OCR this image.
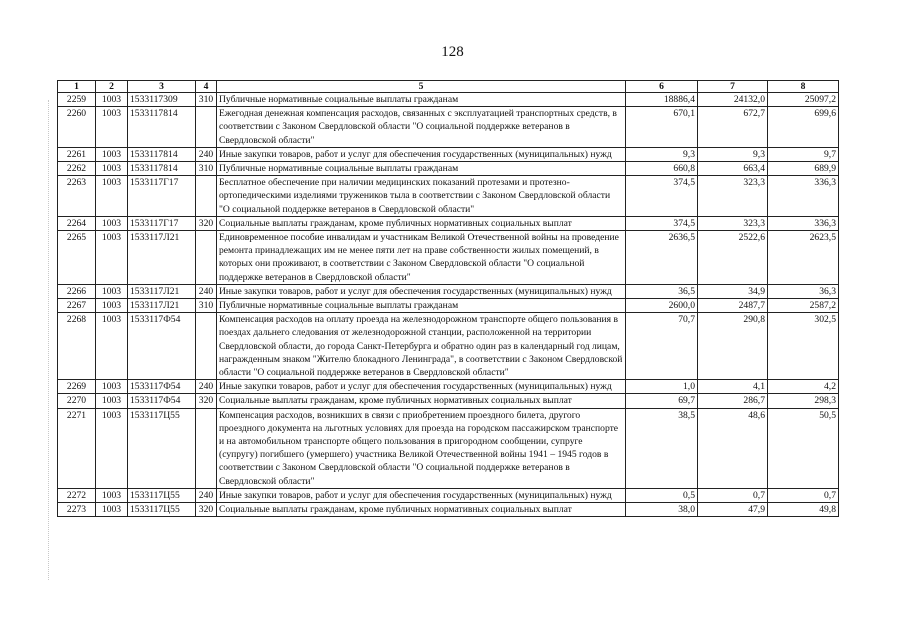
128
1	2	3	4	5	6	7	8
2259	1003	1533117309	310	Публичные нормативные социальные выплаты гражданам	18886,4	24132,0	25097,2
2260	1003	1533117814		Ежегодная денежная компенсация расходов, связанных с эксплуатацией транспортных средств, в соответствии с Законом Свердловской области "О социальной поддержке ветеранов в Свердловской области"	670,1	672,7	699,6
2261	1003	1533117814	240	Иные закупки товаров, работ и услуг для обеспечения государственных (муниципальных) нужд	9,3	9,3	9,7
2262	1003	1533117814	310	Публичные нормативные социальные выплаты гражданам	660,8	663,4	689,9
2263	1003	1533117Г17		Бесплатное обеспечение при наличии медицинских показаний протезами и протезно-ортопедическими изделиями тружеников тыла в соответствии с Законом Свердловской области "О социальной поддержке ветеранов в Свердловской области"	374,5	323,3	336,3
2264	1003	1533117Г17	320	Социальные выплаты гражданам, кроме публичных нормативных социальных выплат	374,5	323,3	336,3
2265	1003	1533117Л21		Единовременное пособие инвалидам и участникам Великой Отечественной войны на проведение ремонта принадлежащих им не менее пяти лет на праве собственности жилых помещений, в которых они проживают, в соответствии с Законом Свердловской области "О социальной поддержке ветеранов в Свердловской области"	2636,5	2522,6	2623,5
2266	1003	1533117Л21	240	Иные закупки товаров, работ и услуг для обеспечения государственных (муниципальных) нужд	36,5	34,9	36,3
2267	1003	1533117Л21	310	Публичные нормативные социальные выплаты гражданам	2600,0	2487,7	2587,2
2268	1003	1533117Ф54		Компенсация расходов на оплату проезда на железнодорожном транспорте общего пользования в поездах дальнего следования от железнодорожной станции, расположенной на территории Свердловской области, до города Санкт-Петербурга и обратно один раз в календарный год лицам, награжденным знаком "Жителю блокадного Ленинграда", в соответствии с Законом Свердловской области "О социальной поддержке ветеранов в Свердловской области"	70,7	290,8	302,5
2269	1003	1533117Ф54	240	Иные закупки товаров, работ и услуг для обеспечения государственных (муниципальных) нужд	1,0	4,1	4,2
2270	1003	1533117Ф54	320	Социальные выплаты гражданам, кроме публичных нормативных социальных выплат	69,7	286,7	298,3
2271	1003	1533117Ц55		Компенсация расходов, возникших в связи с приобретением проездного билета, другого проездного документа на льготных условиях для проезда на городском пассажирском транспорте и на автомобильном транспорте общего пользования в пригородном сообщении, супруге (супругу) погибшего (умершего) участника Великой Отечественной войны 1941 – 1945 годов в соответствии с Законом Свердловской области "О социальной поддержке ветеранов в Свердловской области"	38,5	48,6	50,5
2272	1003	1533117Ц55	240	Иные закупки товаров, работ и услуг для обеспечения государственных (муниципальных) нужд	0,5	0,7	0,7
2273	1003	1533117Ц55	320	Социальные выплаты гражданам, кроме публичных нормативных социальных выплат	38,0	47,9	49,8
